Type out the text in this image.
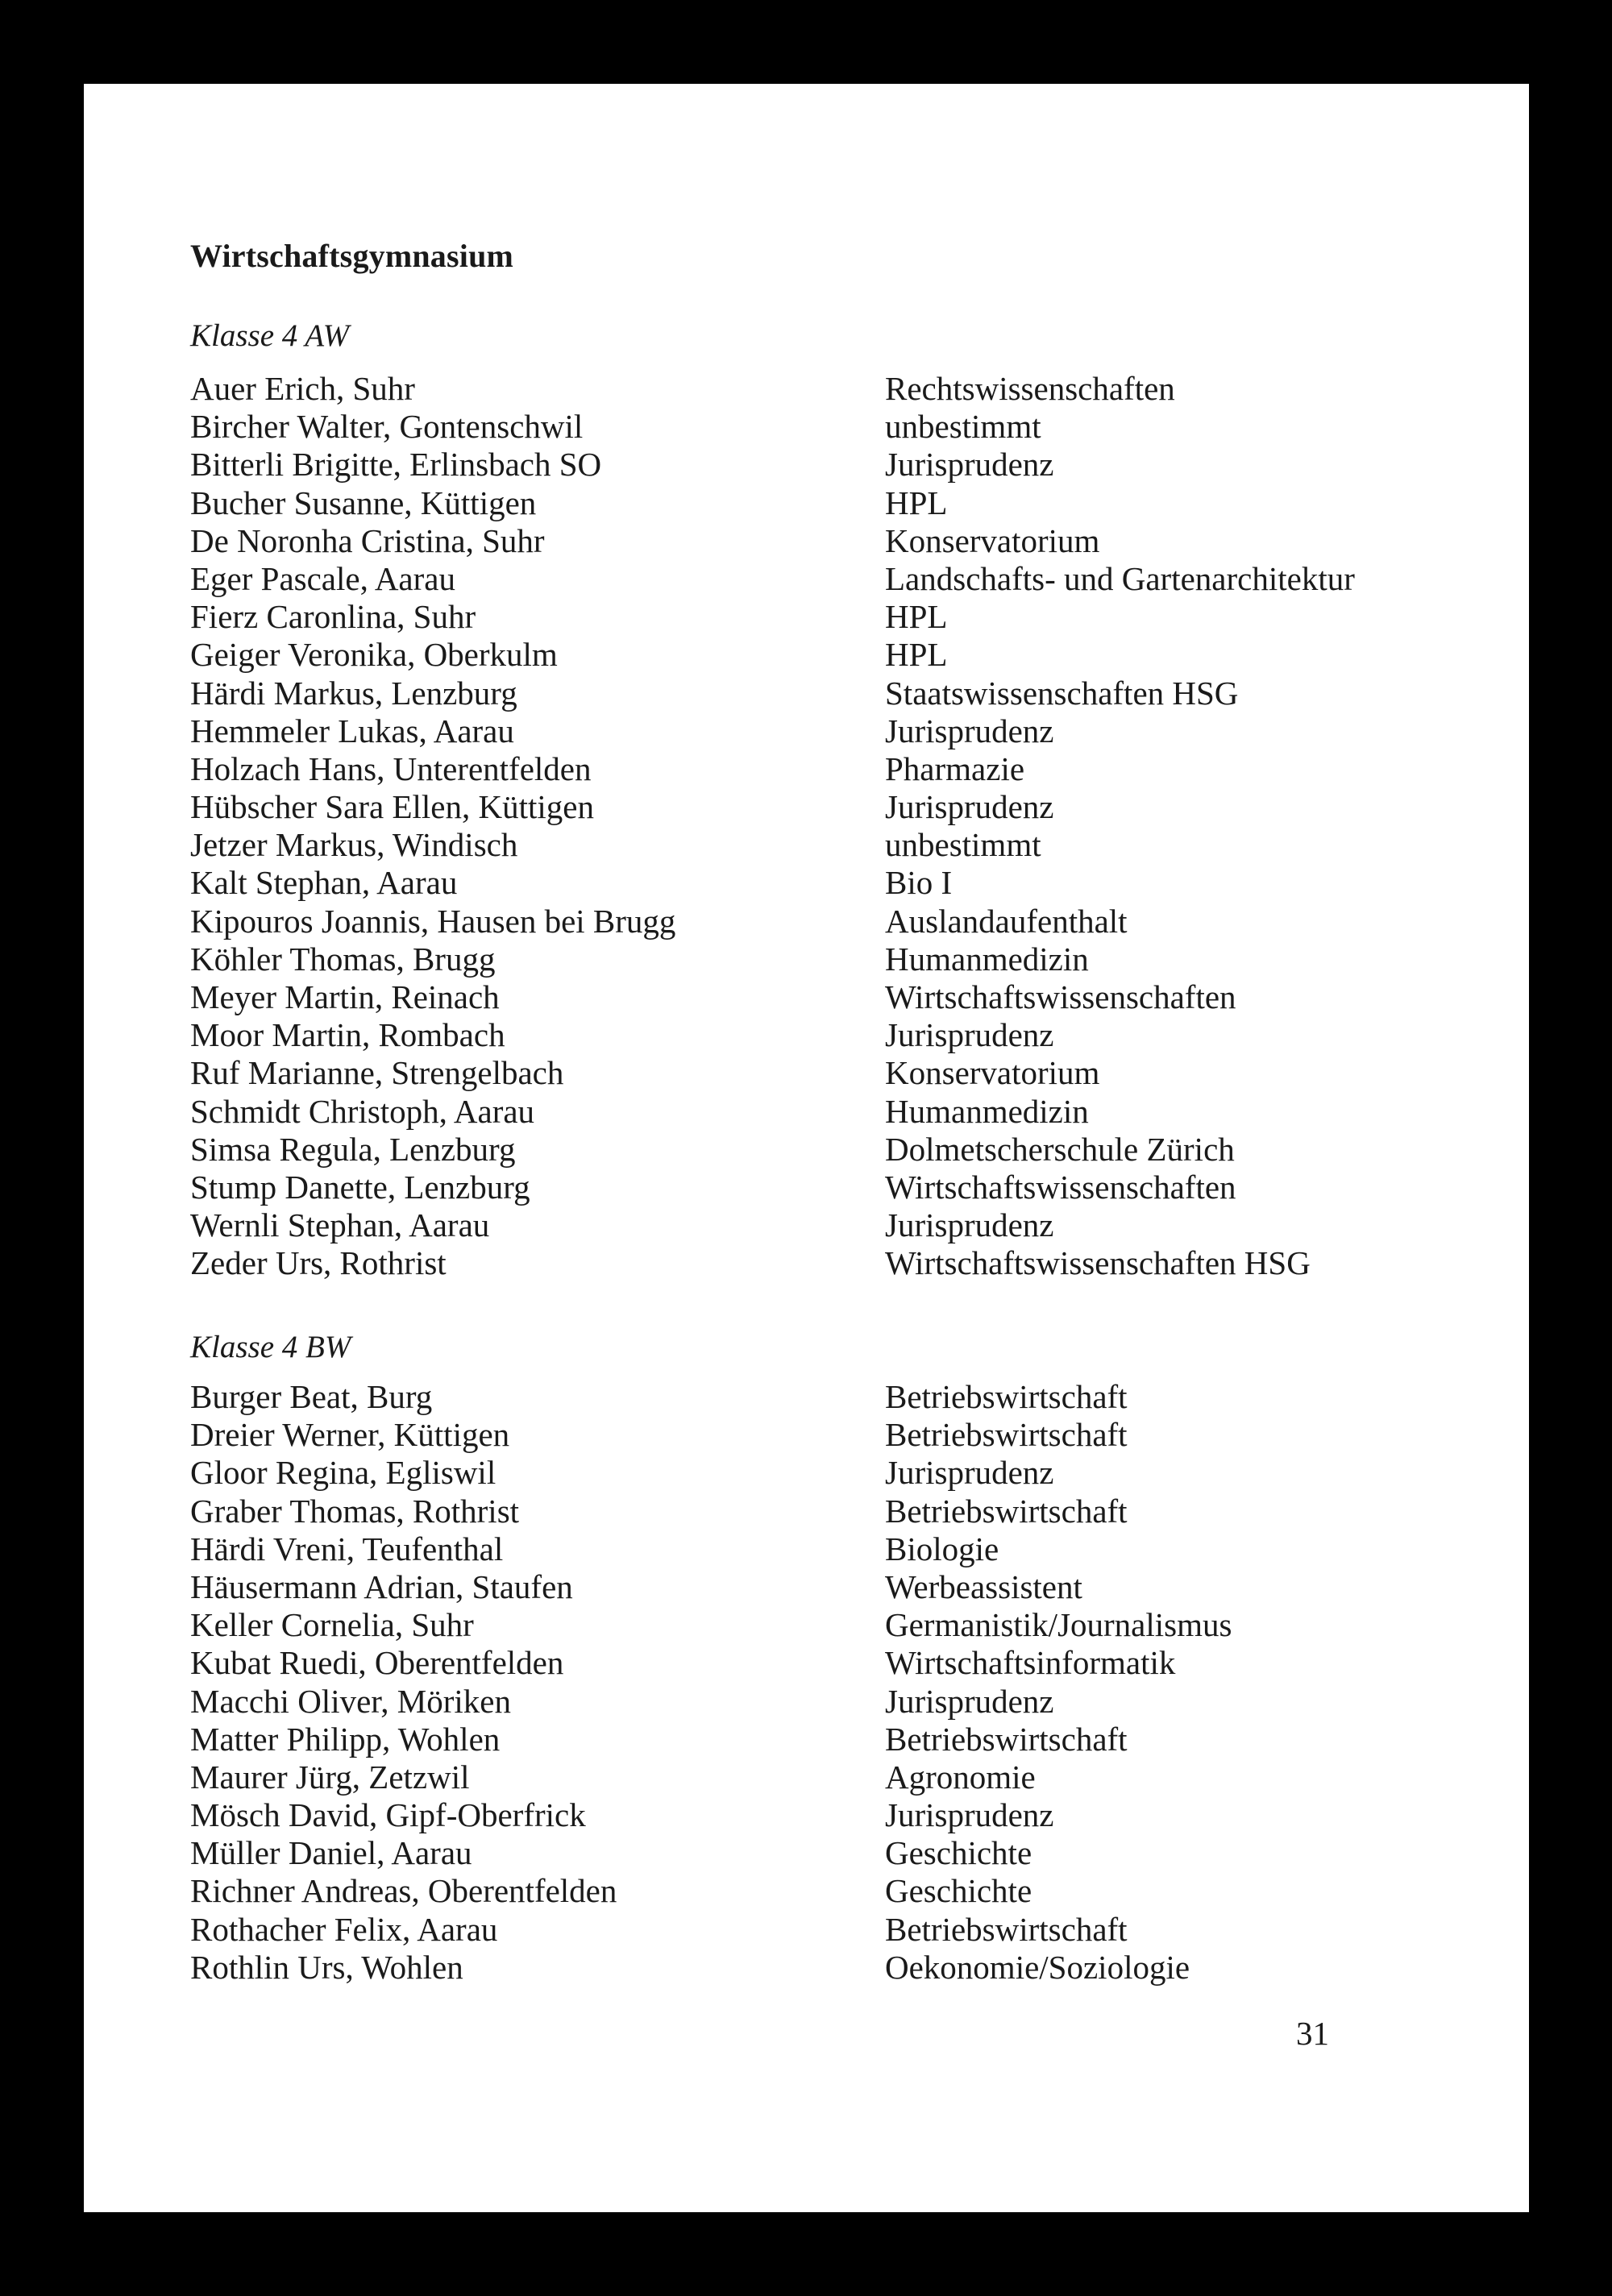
Wirtschaftsgymnasium
Klasse 4 AW
Auer Erich, Suhr	Rechtswissenschaften
Bircher Walter, Gontenschwil	unbestimmt
Bitterli Brigitte, Erlinsbach SO	Jurisprudenz
Bucher Susanne, Küttigen	HPL
De Noronha Cristina, Suhr	Konservatorium
Eger Pascale, Aarau	Landschafts- und Gartenarchitektur
Fierz Caronlina, Suhr	HPL
Geiger Veronika, Oberkulm	HPL
Härdi Markus, Lenzburg	Staatswissenschaften HSG
Hemmeler Lukas, Aarau	Jurisprudenz
Holzach Hans, Unterentfelden	Pharmazie
Hübscher Sara Ellen, Küttigen	Jurisprudenz
Jetzer Markus, Windisch	unbestimmt
Kalt Stephan, Aarau	Bio I
Kipouros Joannis, Hausen bei Brugg	Auslandaufenthalt
Köhler Thomas, Brugg	Humanmedizin
Meyer Martin, Reinach	Wirtschaftswissenschaften
Moor Martin, Rombach	Jurisprudenz
Ruf Marianne, Strengelbach	Konservatorium
Schmidt Christoph, Aarau	Humanmedizin
Simsa Regula, Lenzburg	Dolmetscherschule Zürich
Stump Danette, Lenzburg	Wirtschaftswissenschaften
Wernli Stephan, Aarau	Jurisprudenz
Zeder Urs, Rothrist	Wirtschaftswissenschaften HSG
Klasse 4 BW
Burger Beat, Burg	Betriebswirtschaft
Dreier Werner, Küttigen	Betriebswirtschaft
Gloor Regina, Egliswil	Jurisprudenz
Graber Thomas, Rothrist	Betriebswirtschaft
Härdi Vreni, Teufenthal	Biologie
Häusermann Adrian, Staufen	Werbeassistent
Keller Cornelia, Suhr	Germanistik/Journalismus
Kubat Ruedi, Oberentfelden	Wirtschaftsinformatik
Macchi Oliver, Möriken	Jurisprudenz
Matter Philipp, Wohlen	Betriebswirtschaft
Maurer Jürg, Zetzwil	Agronomie
Mösch David, Gipf-Oberfrick	Jurisprudenz
Müller Daniel, Aarau	Geschichte
Richner Andreas, Oberentfelden	Geschichte
Rothacher Felix, Aarau	Betriebswirtschaft
Rothlin Urs, Wohlen	Oekonomie/Soziologie
31
